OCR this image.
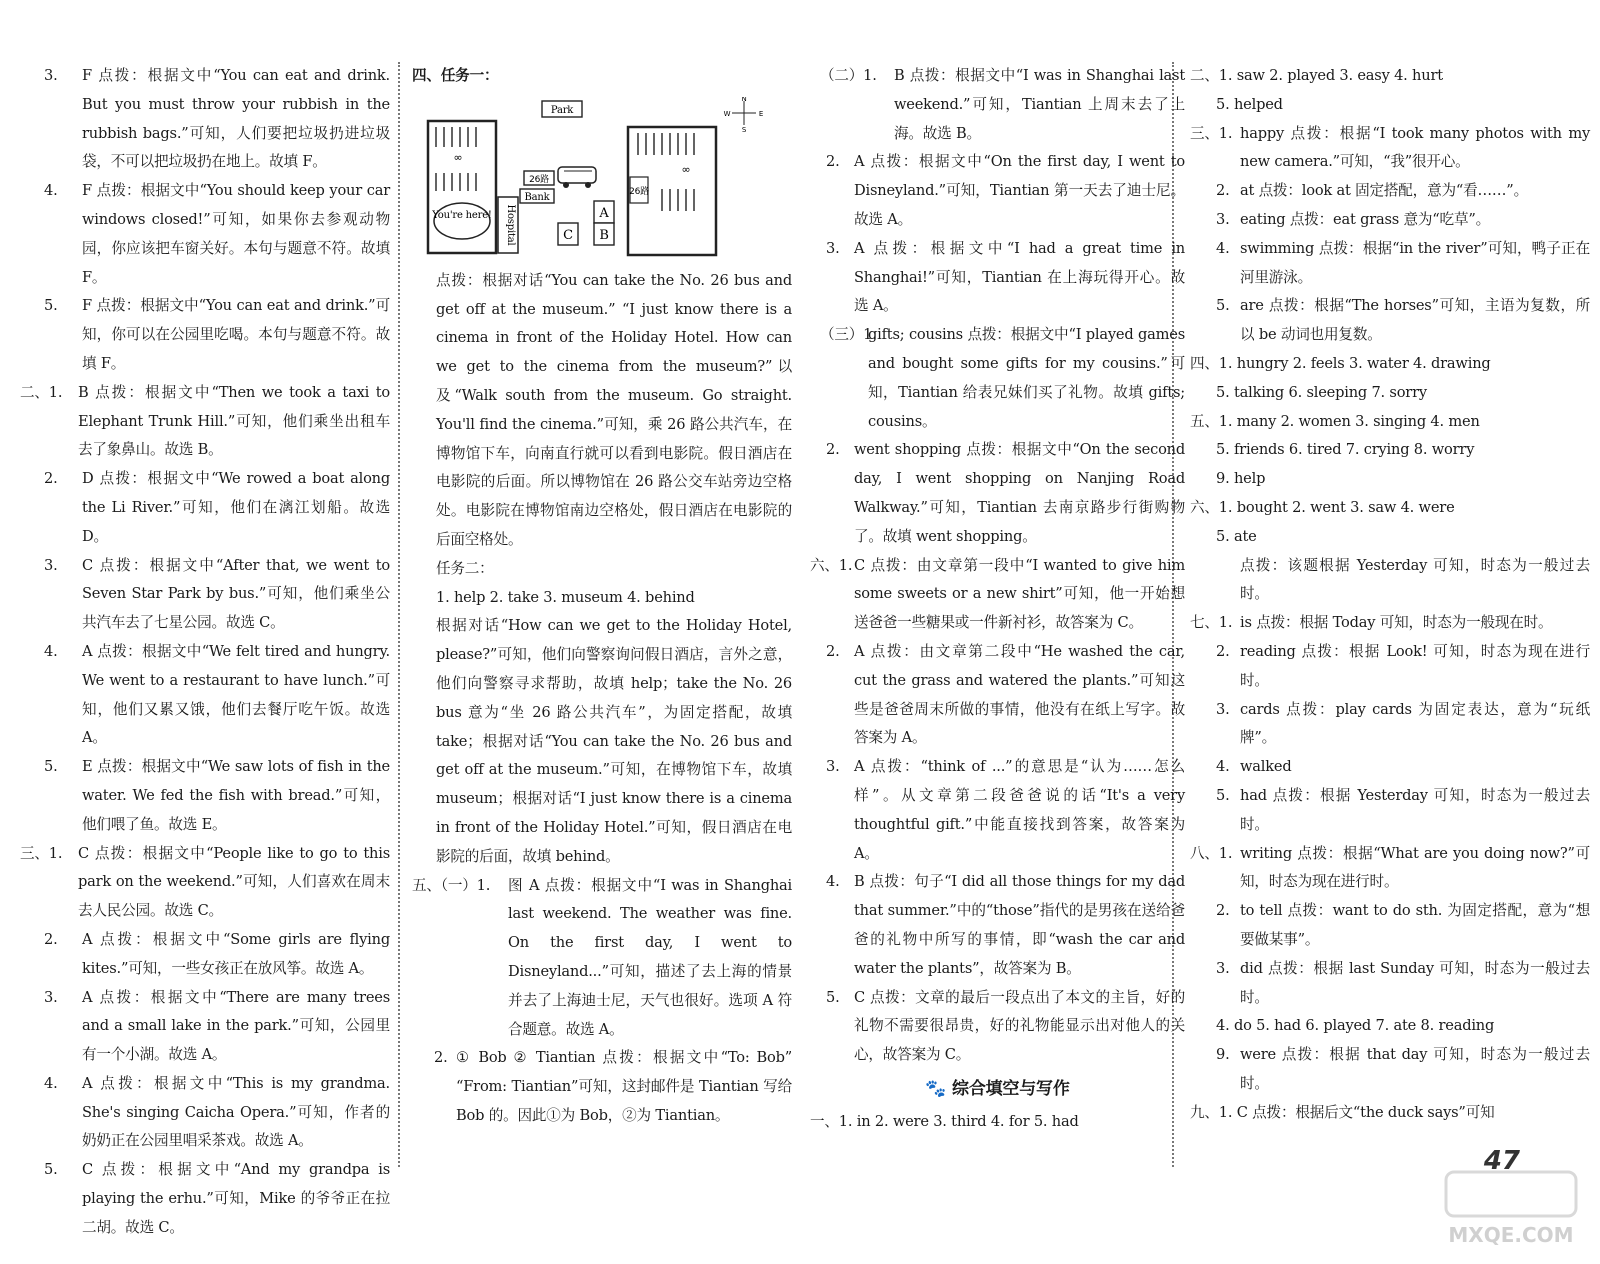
3. F 点拨：根据文中“You can eat and drink. But you must throw your rubbish in the rubbish bags.”可知，人们要把垃圾扔进垃圾袋，不可以把垃圾扔在地上。故填 F。
4. F 点拨：根据文中“You should keep your car windows closed!”可知，如果你去参观动物园，你应该把车窗关好。本句与题意不符。故填 F。
5. F 点拨：根据文中“You can eat and drink.”可知，你可以在公园里吃喝。本句与题意不符。故填 F。
二、1. B 点拨：根据文中“Then we took a taxi to Elephant Trunk Hill.”可知，他们乘坐出租车去了象鼻山。故选 B。
2. D 点拨：根据文中“We rowed a boat along the Li River.”可知，他们在漓江划船。故选 D。
3. C 点拨：根据文中“After that, we went to Seven Star Park by bus.”可知，他们乘坐公共汽车去了七星公园。故选 C。
4. A 点拨：根据文中“We felt tired and hungry. We went to a restaurant to have lunch.”可知，他们又累又饿，他们去餐厅吃午饭。故选 A。
5. E 点拨：根据文中“We saw lots of fish in the water. We fed the fish with bread.”可知，他们喂了鱼。故选 E。
三、1. C 点拨：根据文中“People like to go to this park on the weekend.”可知，人们喜欢在周末去人民公园。故选 C。
2. A 点拨：根据文中“Some girls are flying kites.”可知，一些女孩正在放风筝。故选 A。
3. A 点拨：根据文中“There are many trees and a small lake in the park.”可知，公园里有一个小湖。故选 A。
4. A 点拨：根据文中“This is my grandma. She's singing Caicha Opera.”可知，作者的奶奶正在公园里唱采茶戏。故选 A。
5. C 点拨：根据文中“And my grandpa is playing the erhu.”可知，Mike 的爷爷正在拉二胡。故选 C。

四、任务一：

∞
You're here! Hospital
Bank
Park
26路
A
C B
26路
∞
N
S
W	E

点拨：根据对话“You can take the No. 26 bus and get off at the museum.” “I just know there is a cinema in front of the Holiday Hotel. How can we get to the cinema from the museum?”以及“Walk south from the museum. Go straight. You'll find the cinema.”可知，乘 26 路公共汽车，在博物馆下车，向南直行就可以看到电影院。假日酒店在电影院的后面。所以博物馆在 26 路公交车站旁边空格处。电影院在博物馆南边空格处，假日酒店在电影院的后面空格处。

任务二：

1. help 2. take 3. museum 4. behind

根据对话“How can we get to the Holiday Hotel, please?”可知，他们向警察询问假日酒店，言外之意，他们向警察寻求帮助，故填 help；take the No. 26 bus 意为“坐 26 路公共汽车”，为固定搭配，故填 take；根据对话“You can take the No. 26 bus and get off at the museum.”可知，在博物馆下车，故填 museum；根据对话“I just know there is a cinema in front of the Holiday Hotel.”可知，假日酒店在电影院的后面，故填 behind。

五、（一）1. 图 A 点拨：根据文中“I was in Shanghai last weekend. The weather was fine. On the first day, I went to Disneyland...”可知，描述了去上海的情景并去了上海迪士尼，天气也很好。选项 A 符合题意。故选 A。
2. ① Bob ② Tiantian 点拨：根据文中“To: Bob” “From: Tiantian”可知，这封邮件是 Tiantian 写给 Bob 的。因此①为 Bob，②为 Tiantian。
（二）1. B 点拨：根据文中“I was in Shanghai last weekend.”可知，Tiantian 上周末去了上海。故选 B。
2. A 点拨：根据文中“On the first day, I went to Disneyland.”可知，Tiantian 第一天去了迪士尼。故选 A。
3. A 点拨：根据文中“I had a great time in Shanghai!”可知，Tiantian 在上海玩得开心。故选 A。
（三）1.
gifts; cousins 点拨：根据文中“I played games and bought some gifts for my cousins.”可知，Tiantian 给表兄妹们买了礼物。故填 gifts; cousins。
2. went shopping 点拨：根据文中“On the second day, I went shopping on Nanjing Road Walkway.”可知，Tiantian 去南京路步行街购物了。故填 went shopping。
六、1. C 点拨：由文章第一段中“I wanted to give him some sweets or a new shirt”可知，他一开始想送爸爸一些糖果或一件新衬衫，故答案为 C。
2. A 点拨：由文章第二段中“He washed the car, cut the grass and watered the plants.”可知这些是爸爸周末所做的事情，他没有在纸上写字。故答案为 A。
3. A 点拨：“think of ...”的意思是“认为……怎么样”。从文章第二段爸爸说的话“It's a very thoughtful gift.”中能直接找到答案，故答案为 A。
4. B 点拨：句子“I did all those things for my dad that summer.”中的“those”指代的是男孩在送给爸爸的礼物中所写的事情，即“wash the car and water the plants”，故答案为 B。
5. C 点拨：文章的最后一段点出了本文的主旨，好的礼物不需要很昂贵，好的礼物能显示出对他人的关心，故答案为 C。
🐾 综合填空与写作

一、1. in 2. were 3. third 4. for 5. had

二、1. saw 2. played 3. easy 4. hurt

5. helped

三、1. happy 点拨：根据“I took many photos with my new camera.”可知，“我”很开心。
2. at 点拨：look at 固定搭配，意为“看……”。
3. eating 点拨：eat grass 意为“吃草”。
4. swimming 点拨：根据“in the river”可知，鸭子正在河里游泳。
5. are 点拨：根据“The horses”可知，主语为复数，所以 be 动词也用复数。

四、1. hungry 2. feels 3. water 4. drawing

5. talking 6. sleeping 7. sorry

五、1. many 2. women 3. singing 4. men

5. friends 6. tired 7. crying 8. worry

9. help

六、1. bought 2. went 3. saw 4. were

5. ate

点拨：该题根据 Yesterday 可知，时态为一般过去时。
七、1. is 点拨：根据 Today 可知，时态为一般现在时。
2. reading 点拨：根据 Look! 可知，时态为现在进行时。
3. cards 点拨：play cards 为固定表达，意为“玩纸牌”。
4. walked
5. had 点拨：根据 Yesterday 可知，时态为一般过去时。
八、1. writing 点拨：根据“What are you doing now?”可知，时态为现在进行时。
2. to tell 点拨：want to do sth. 为固定搭配，意为“想要做某事”。
3. did 点拨：根据 last Sunday 可知，时态为一般过去时。

4. do 5. had 6. played 7. ate 8. reading

9. were 点拨：根据 that day 可知，时态为一般过去时。

九、1. C 点拨：根据后文“the duck says”可知

47
MXQE.COM
